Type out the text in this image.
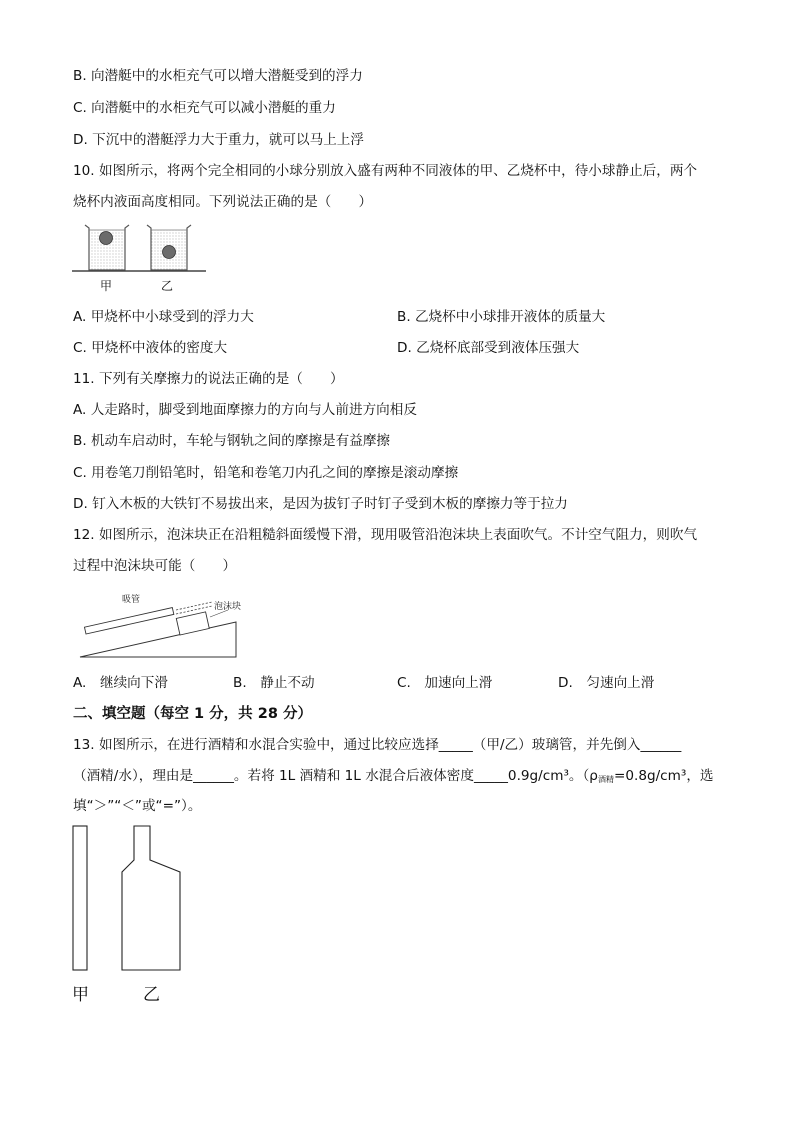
B. 向潜艇中的水柜充气可以增大潜艇受到的浮力
C. 向潜艇中的水柜充气可以减小潜艇的重力
D. 下沉中的潜艇浮力大于重力，就可以马上上浮
10. 如图所示，将两个完全相同的小球分别放入盛有两种不同液体的甲、乙烧杯中，待小球静止后，两个
烧杯内液面高度相同。下列说法正确的是（　　）
甲	乙
A. 甲烧杯中小球受到的浮力大	B. 乙烧杯中小球排开液体的质量大
C. 甲烧杯中液体的密度大	D. 乙烧杯底部受到液体压强大
11. 下列有关摩擦力的说法正确的是（　　）
A. 人走路时，脚受到地面摩擦力的方向与人前进方向相反
B. 机动车启动时，车轮与钢轨之间的摩擦是有益摩擦
C. 用卷笔刀削铅笔时，铅笔和卷笔刀内孔之间的摩擦是滚动摩擦
D. 钉入木板的大铁钉不易拔出来，是因为拔钉子时钉子受到木板的摩擦力等于拉力
12. 如图所示，泡沫块正在沿粗糙斜面缓慢下滑，现用吸管沿泡沫块上表面吹气。不计空气阻力，则吹气
过程中泡沫块可能（　　）
吸管
泡沫块
A.　继续向下滑	B.　静止不动	C.　加速向上滑	D.　匀速向上滑
二、填空题（每空 1 分，共 28 分）
13. 如图所示，在进行酒精和水混合实验中，通过比较应选择_____（甲/乙）玻璃管，并先倒入______
（酒精/水），理由是______。若将 1L 酒精和 1L 水混合后液体密度_____0.9g/cm³。（$\rho_{酒精}=0.8g$/cm³，选
填“＞”“＜”或“=”）。
甲	乙
